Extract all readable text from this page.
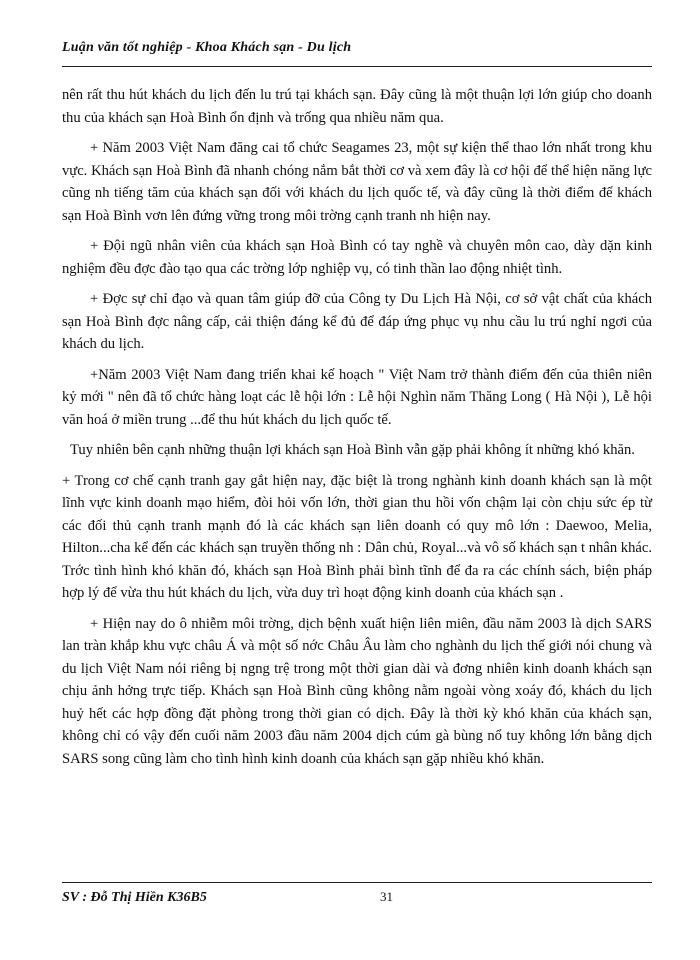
Luận văn tốt nghiệp - Khoa Khách sạn - Du lịch

nên rất thu hút khách du lịch đến lu trú tại khách sạn. Đây cũng là một thuận lợi lớn giúp cho doanh thu của khách sạn Hoà Bình ổn định và trống qua nhiều năm qua.

+ Năm 2003 Việt Nam đăng cai tổ chức Seagames 23, một sự kiện thể thao lớn nhất trong khu vực. Khách sạn Hoà Bình đã nhanh chóng nắm bắt thời cơ và xem đây là cơ hội để thể hiện năng lực cũng nh tiếng tăm của khách sạn đối với khách du lịch quốc tế, và đây cũng là thời điểm để khách sạn Hoà Bình vơn lên đứng vững trong môi trờng cạnh tranh nh hiện nay.

+ Đội ngũ nhân viên của khách sạn Hoà Bình có tay nghề và chuyên môn cao, dày dặn kinh nghiệm đều đợc đào tạo qua các trờng lớp nghiệp vụ, có tinh thần lao động nhiệt tình.

+ Đợc sự chỉ đạo và quan tâm giúp đỡ của Công ty Du Lịch Hà Nội, cơ sở vật chất của khách sạn Hoà Bình đợc nâng cấp, cải thiện đáng kể đủ để đáp ứng phục vụ nhu cầu lu trú nghỉ ngơi của khách du lịch.

+Năm 2003 Việt Nam đang triển khai kế hoạch " Việt Nam trở thành điểm đến của thiên niên kỷ mới " nên đã tổ chức hàng loạt các lễ hội lớn : Lễ hội Nghìn năm Thăng Long ( Hà Nội ), Lễ hội văn hoá ở miền trung ...để thu hút khách du lịch quốc tế.

Tuy nhiên bên cạnh những thuận lợi khách sạn Hoà Bình vẫn gặp phải không ít những khó khăn.

+ Trong cơ chế cạnh tranh gay gắt hiện nay, đặc biệt là trong nghành kinh doanh khách sạn là một lĩnh vực kinh doanh mạo hiểm, đòi hỏi vốn lớn, thời gian thu hồi vốn chậm lại còn chịu sức ép từ các đối thủ cạnh tranh mạnh đó là các khách sạn liên doanh có quy mô lớn : Daewoo, Melia, Hilton...cha kể đến các khách sạn truyền thống nh : Dân chủ, Royal...và vô số khách sạn t nhân khác. Trớc tình hình khó khăn đó, khách sạn Hoà Bình phải bình tĩnh để đa ra các chính sách, biện pháp hợp lý để vừa thu hút khách du lịch, vừa duy trì hoạt động kinh doanh của khách sạn .

+ Hiện nay do ô nhiễm môi trờng, dịch bệnh xuất hiện liên miên, đầu năm 2003 là dịch SARS lan tràn khắp khu vực châu Á và một số nớc Châu Âu làm cho nghành du lịch thế giới nói chung và du lịch Việt Nam nói riêng bị ngng trệ trong một thời gian dài và đơng nhiên kinh doanh khách sạn chịu ảnh hởng trực tiếp. Khách sạn Hoà Bình cũng không nằm ngoài vòng xoáy đó, khách du lịch huỷ hết các hợp đồng đặt phòng trong thời gian có dịch. Đây là thời kỳ khó khăn của khách sạn, không chỉ có vậy đến cuối năm 2003 đầu năm 2004 dịch cúm gà bùng nổ tuy không lớn bằng dịch SARS song cũng làm cho tình hình kinh doanh của khách sạn gặp nhiều khó khăn.

SV : Đỗ Thị Hiền K36B5	31
